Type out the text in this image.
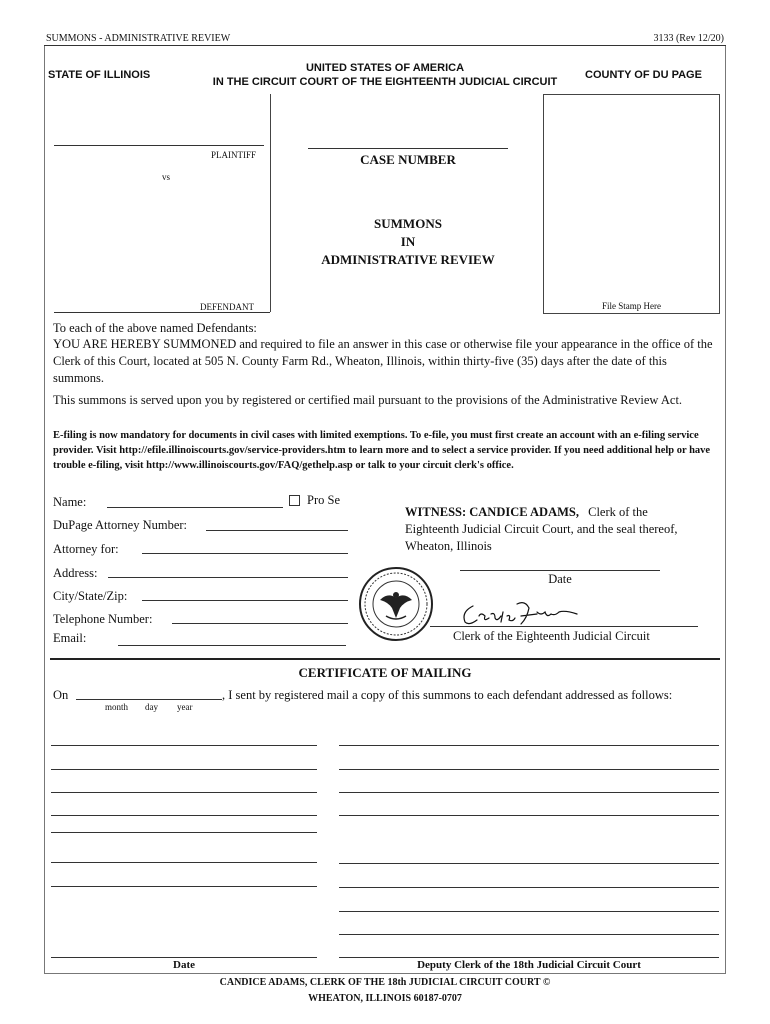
SUMMONS - ADMINISTRATIVE REVIEW	3133 (Rev 12/20)
STATE OF ILLINOIS
UNITED STATES OF AMERICA
IN THE CIRCUIT COURT OF THE EIGHTEENTH JUDICIAL CIRCUIT
COUNTY OF DU PAGE
PLAINTIFF
vs
DEFENDANT
CASE NUMBER
SUMMONS
IN
ADMINISTRATIVE REVIEW
File Stamp Here
To each of the above named Defendants:
YOU ARE HEREBY SUMMONED and required to file an answer in this case or otherwise file your appearance in the office of the Clerk of this Court, located at 505 N. County Farm Rd., Wheaton, Illinois, within thirty-five (35) days after the date of this summons.
This summons is served upon you by registered or certified mail pursuant to the provisions of the Administrative Review Act.
E-filing is now mandatory for documents in civil cases with limited exemptions. To e-file, you must first create an account with an e-filing service provider. Visit http://efile.illinoiscourts.gov/service-providers.htm to learn more and to select a service provider. If you need additional help or have trouble e-filing, visit http://www.illinoiscourts.gov/FAQ/gethelp.asp or talk to your circuit clerk's office.
Name:	Pro Se
DuPage Attorney Number:
Attorney for:
Address:
City/State/Zip:
Telephone Number:
Email:
WITNESS: CANDICE ADAMS, Clerk of the
Eighteenth Judicial Circuit Court, and the seal thereof,
Wheaton, Illinois
Date
Clerk of the Eighteenth Judicial Circuit
CERTIFICATE OF MAILING
On	, I sent by registered mail a copy of this summons to each defendant addressed as follows:
month day year
Date	Deputy Clerk of the 18th Judicial Circuit Court
CANDICE ADAMS, CLERK OF THE 18th JUDICIAL CIRCUIT COURT ©
WHEATON, ILLINOIS 60187-0707
